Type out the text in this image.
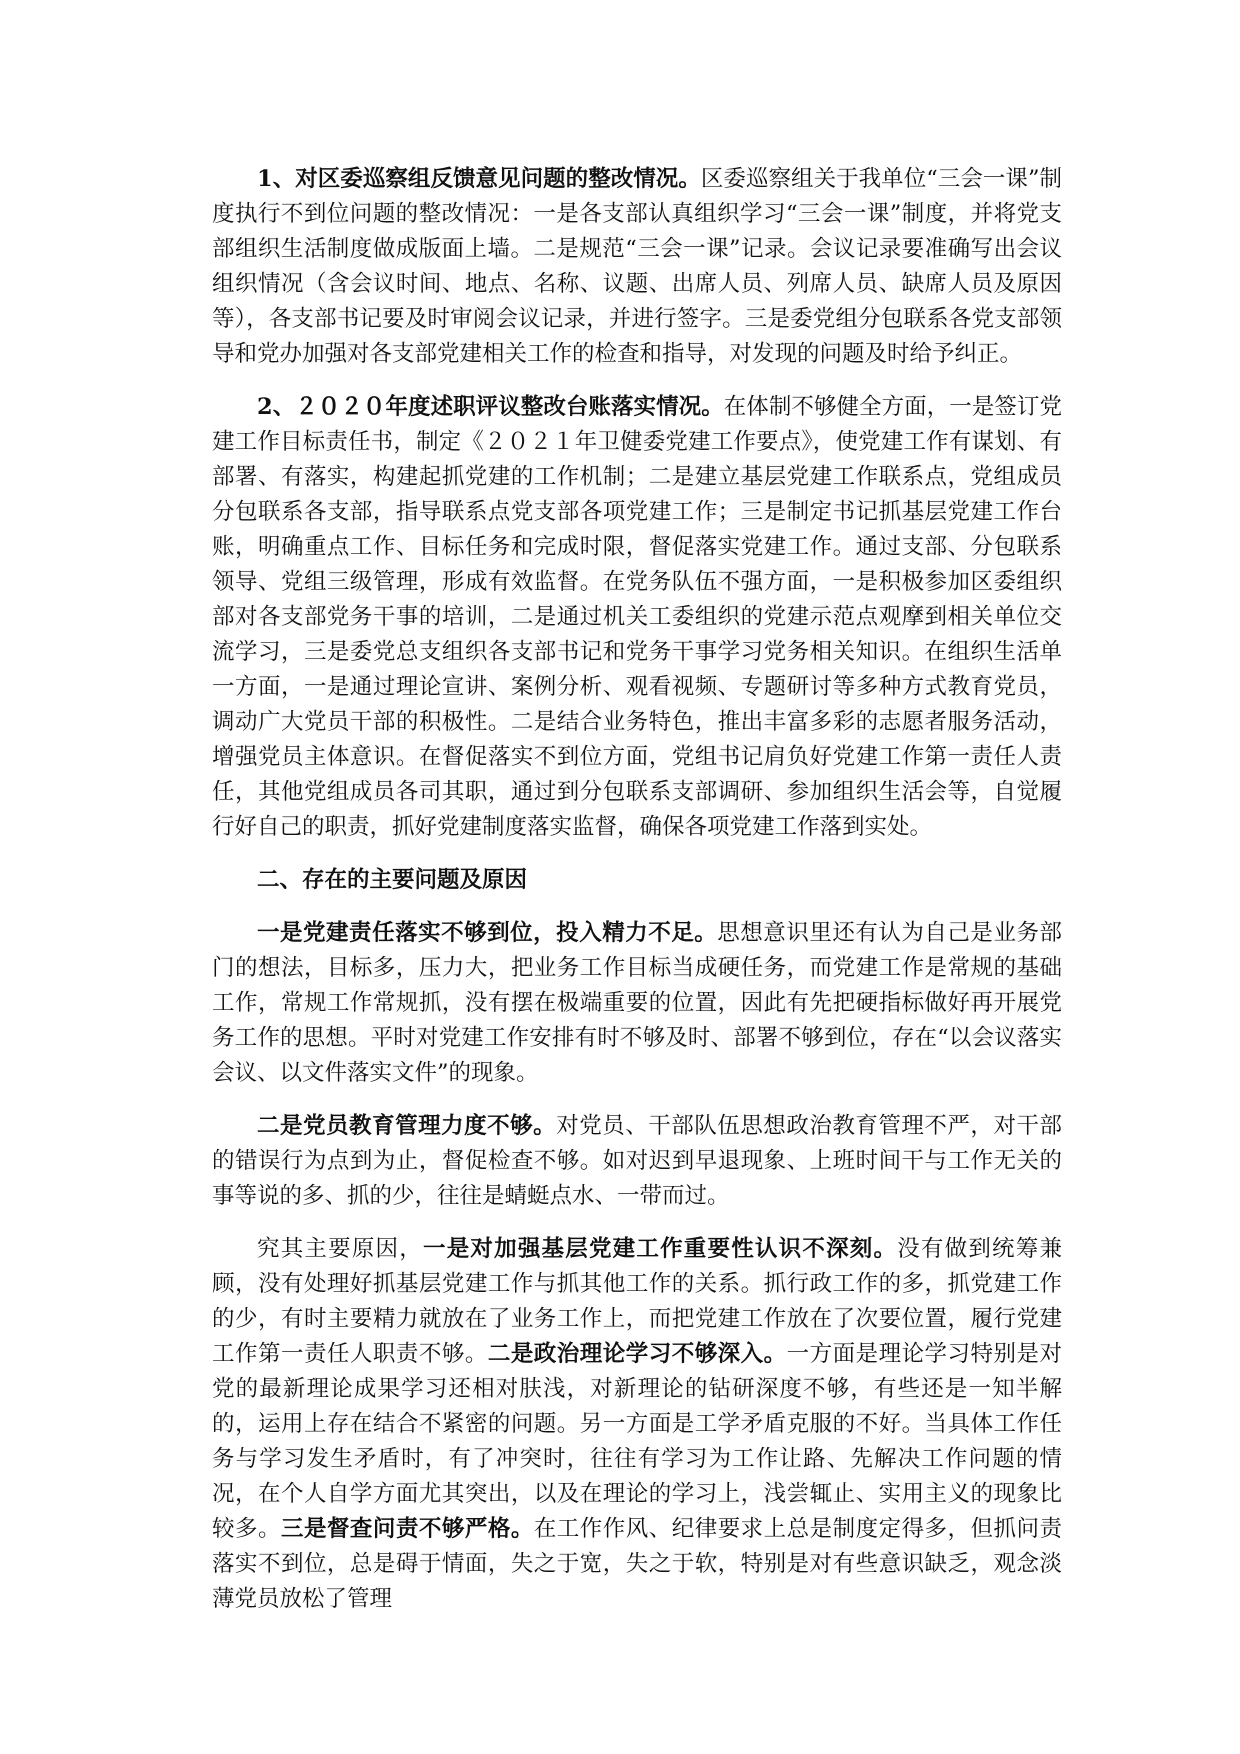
1、对区委巡察组反馈意见问题的整改情况。区委巡察组关于我单位“三会一课”制度执行不到位问题的整改情况：一是各支部认真组织学习“三会一课”制度，并将党支部组织生活制度做成版面上墙。二是规范“三会一课”记录。会议记录要准确写出会议组织情况（含会议时间、地点、名称、议题、出席人员、列席人员、缺席人员及原因等），各支部书记要及时审阅会议记录，并进行签字。三是委党组分包联系各党支部领导和党办加强对各支部党建相关工作的检查和指导，对发现的问题及时给予纠正。

2、２０２０年度述职评议整改台账落实情况。在体制不够健全方面，一是签订党建工作目标责任书，制定《２０２１年卫健委党建工作要点》，使党建工作有谋划、有部署、有落实，构建起抓党建的工作机制；二是建立基层党建工作联系点，党组成员分包联系各支部，指导联系点党支部各项党建工作；三是制定书记抓基层党建工作台账，明确重点工作、目标任务和完成时限，督促落实党建工作。通过支部、分包联系领导、党组三级管理，形成有效监督。在党务队伍不强方面，一是积极参加区委组织部对各支部党务干事的培训，二是通过机关工委组织的党建示范点观摩到相关单位交流学习，三是委党总支组织各支部书记和党务干事学习党务相关知识。在组织生活单一方面，一是通过理论宣讲、案例分析、观看视频、专题研讨等多种方式教育党员，调动广大党员干部的积极性。二是结合业务特色，推出丰富多彩的志愿者服务活动，增强党员主体意识。在督促落实不到位方面，党组书记肩负好党建工作第一责任人责任，其他党组成员各司其职，通过到分包联系支部调研、参加组织生活会等，自觉履行好自己的职责，抓好党建制度落实监督，确保各项党建工作落到实处。

二、存在的主要问题及原因

一是党建责任落实不够到位，投入精力不足。思想意识里还有认为自己是业务部门的想法，目标多，压力大，把业务工作目标当成硬任务，而党建工作是常规的基础工作，常规工作常规抓，没有摆在极端重要的位置，因此有先把硬指标做好再开展党务工作的思想。平时对党建工作安排有时不够及时、部署不够到位，存在“以会议落实会议、以文件落实文件”的现象。

二是党员教育管理力度不够。对党员、干部队伍思想政治教育管理不严，对干部的错误行为点到为止，督促检查不够。如对迟到早退现象、上班时间干与工作无关的事等说的多、抓的少，往往是蜻蜓点水、一带而过。

究其主要原因，一是对加强基层党建工作重要性认识不深刻。没有做到统筹兼顾，没有处理好抓基层党建工作与抓其他工作的关系。抓行政工作的多，抓党建工作的少，有时主要精力就放在了业务工作上，而把党建工作放在了次要位置，履行党建工作第一责任人职责不够。二是政治理论学习不够深入。一方面是理论学习特别是对党的最新理论成果学习还相对肤浅，对新理论的钻研深度不够，有些还是一知半解的，运用上存在结合不紧密的问题。另一方面是工学矛盾克服的不好。当具体工作任务与学习发生矛盾时，有了冲突时，往往有学习为工作让路、先解决工作问题的情况，在个人自学方面尤其突出，以及在理论的学习上，浅尝辄止、实用主义的现象比较多。三是督查问责不够严格。在工作作风、纪律要求上总是制度定得多，但抓问责落实不到位，总是碍于情面，失之于宽，失之于软，特别是对有些意识缺乏，观念淡薄党员放松了管理
